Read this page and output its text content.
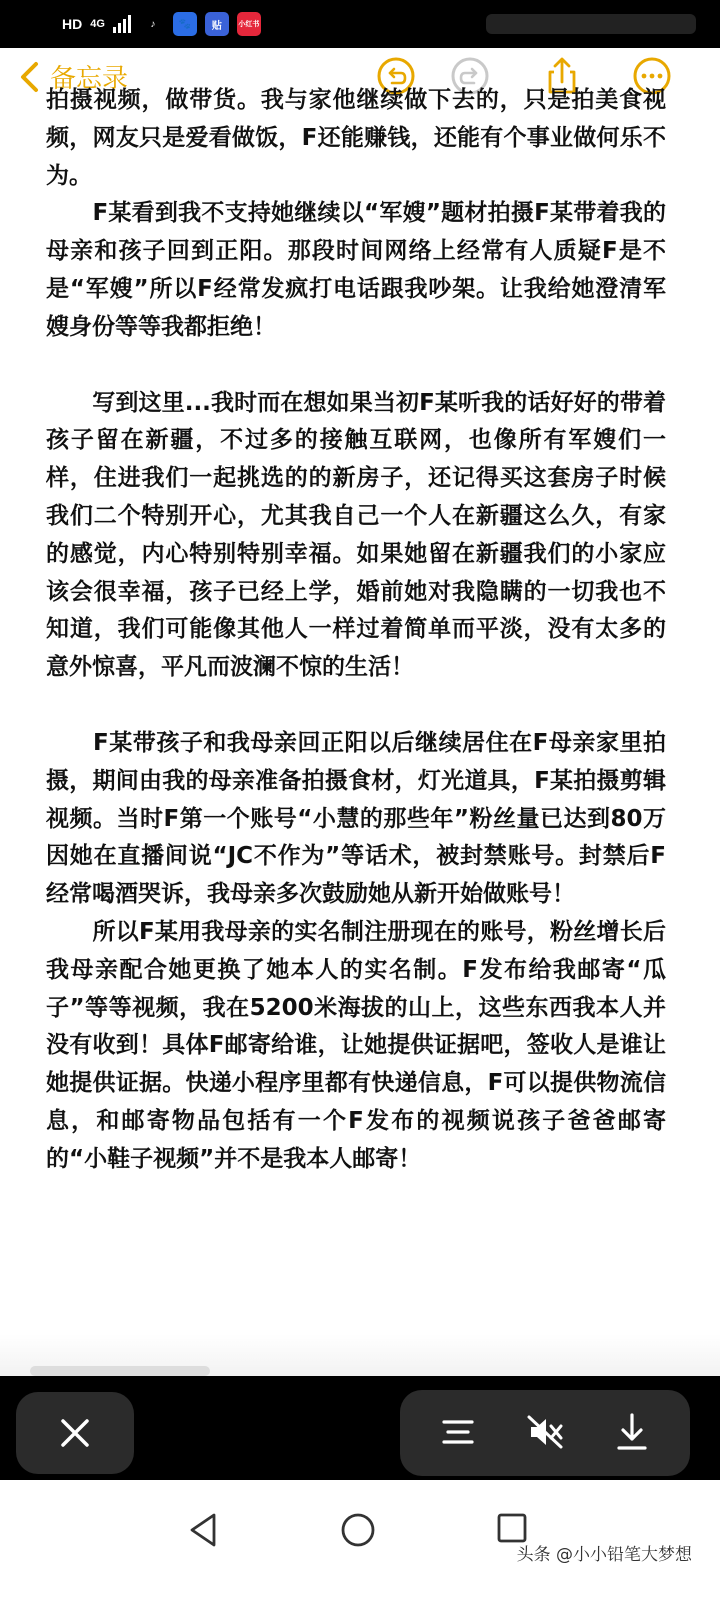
HD 4G	♪	🐾	贴	小红书
备忘录
拍摄视频，做带货。我与家他继续做下去的，只是拍美食视频，网友只是爱看做饭，F还能赚钱，还能有个事业做何乐不为。
　　F某看到我不支持她继续以“军嫂”题材拍摄F某带着我的母亲和孩子回到正阳。那段时间网络上经常有人质疑F是不是“军嫂”所以F经常发疯打电话跟我吵架。让我给她澄清军嫂身份等等我都拒绝！
　　写到这里...我时而在想如果当初F某听我的话好好的带着孩子留在新疆，不过多的接触互联网，也像所有军嫂们一样，住进我们一起挑选的的新房子，还记得买这套房子时候我们二个特别开心，尤其我自己一个人在新疆这么久，有家的感觉，内心特别特别幸福。如果她留在新疆我们的小家应该会很幸福，孩子已经上学，婚前她对我隐瞒的一切我也不知道，我们可能像其他人一样过着简单而平淡，没有太多的意外惊喜，平凡而波澜不惊的生活！
　　F某带孩子和我母亲回正阳以后继续居住在F母亲家里拍摄，期间由我的母亲准备拍摄食材，灯光道具，F某拍摄剪辑视频。当时F第一个账号“小慧的那些年”粉丝量已达到80万因她在直播间说“JC不作为”等话术，被封禁账号。封禁后F经常喝酒哭诉，我母亲多次鼓励她从新开始做账号！
　　所以F某用我母亲的实名制注册现在的账号，粉丝增长后我母亲配合她更换了她本人的实名制。F发布给我邮寄“瓜子”等等视频，我在5200米海拔的山上，这些东西我本人并没有收到！具体F邮寄给谁，让她提供证据吧，签收人是谁让她提供证据。快递小程序里都有快递信息，F可以提供物流信息，和邮寄物品包括有一个F发布的视频说孩子爸爸邮寄的“小鞋子视频”并不是我本人邮寄！
头条 @小小铅笔大梦想
